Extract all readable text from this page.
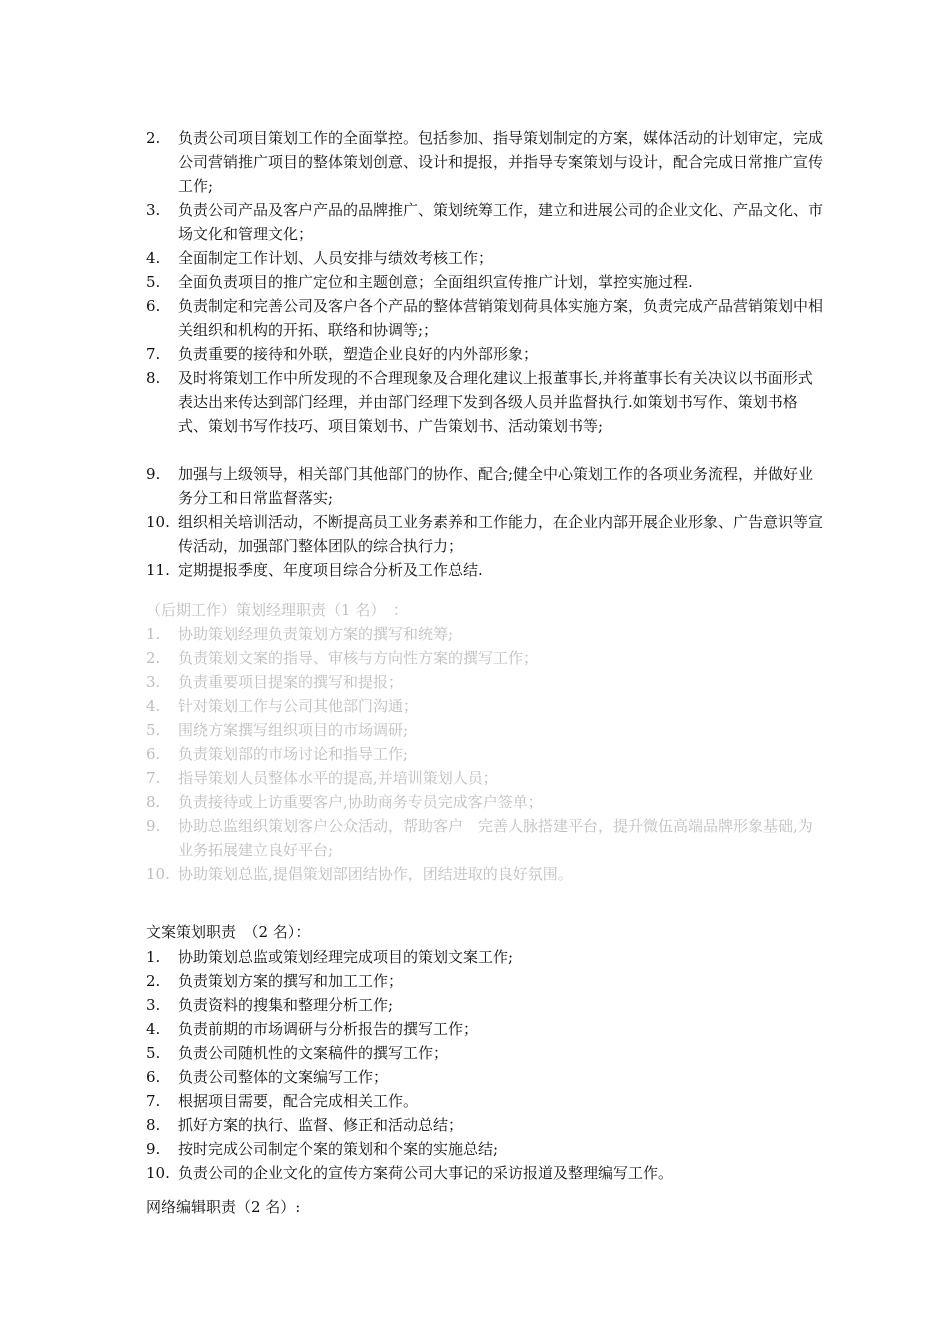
2.	负责公司项目策划工作的全面掌控。包括参加、指导策划制定的方案，媒体活动的计划审定，完成公司营销推广项目的整体策划创意、设计和提报，并指导专案策划与设计，配合完成日常推广宣传工作;
3.	负责公司产品及客户产品的品牌推广、策划统筹工作，建立和进展公司的企业文化、产品文化、市场文化和管理文化；
4.	全面制定工作计划、人员安排与绩效考核工作；
5.	全面负责项目的推广定位和主题创意；全面组织宣传推广计划，掌控实施过程.
6.	负责制定和完善公司及客户各个产品的整体营销策划荷具体实施方案，负责完成产品营销策划中相关组织和机构的开拓、联络和协调等;；
7.	负责重要的接待和外联，塑造企业良好的内外部形象；
8.	及时将策划工作中所发现的不合理现象及合理化建议上报董事长,并将董事长有关决议以书面形式表达出来传达到部门经理，并由部门经理下发到各级人员并监督执行.如策划书写作、策划书格式、策划书写作技巧、项目策划书、广告策划书、活动策划书等;
9.	加强与上级领导，相关部门其他部门的协作、配合;健全中心策划工作的各项业务流程，并做好业务分工和日常监督落实;
10. 组织相关培训活动，不断提高员工业务素养和工作能力，在企业内部开展企业形象、广告意识等宣传活动，加强部门整体团队的综合执行力；
11. 定期提报季度、年度项目综合分析及工作总结.

（后期工作）策划经理职责（1 名）　：

1.	协助策划经理负责策划方案的撰写和统筹;
2.	负责策划文案的指导、审核与方向性方案的撰写工作；
3.	负责重要项目提案的撰写和提报；
4.	针对策划工作与公司其他部门沟通；
5.	围绕方案撰写组织项目的市场调研;
6.	负责策划部的市场讨论和指导工作;
7.	指导策划人员整体水平的提高,并培训策划人员；
8.	负责接待或上访重要客户,协助商务专员完成客户签单；
9.	协助总监组织策划客户公众活动，帮助客户　完善人脉搭建平台，提升微伍高端品牌形象基础,为业务拓展建立良好平台;
10. 协助策划总监,提倡策划部团结协作，团结进取的良好氛围。

文案策划职责　（2 名）：

1.	协助策划总监或策划经理完成项目的策划文案工作;
2.	负责策划方案的撰写和加工工作；
3.	负责资料的搜集和整理分析工作;
4.	负责前期的市场调研与分析报告的撰写工作；
5.	负责公司随机性的文案稿件的撰写工作；
6.	负责公司整体的文案编写工作；
7.	根据项目需要，配合完成相关工作。
8.	抓好方案的执行、监督、修正和活动总结；
9.	按时完成公司制定个案的策划和个案的实施总结;
10. 负责公司的企业文化的宣传方案荷公司大事记的采访报道及整理编写工作。

网络编辑职责（2 名）:
